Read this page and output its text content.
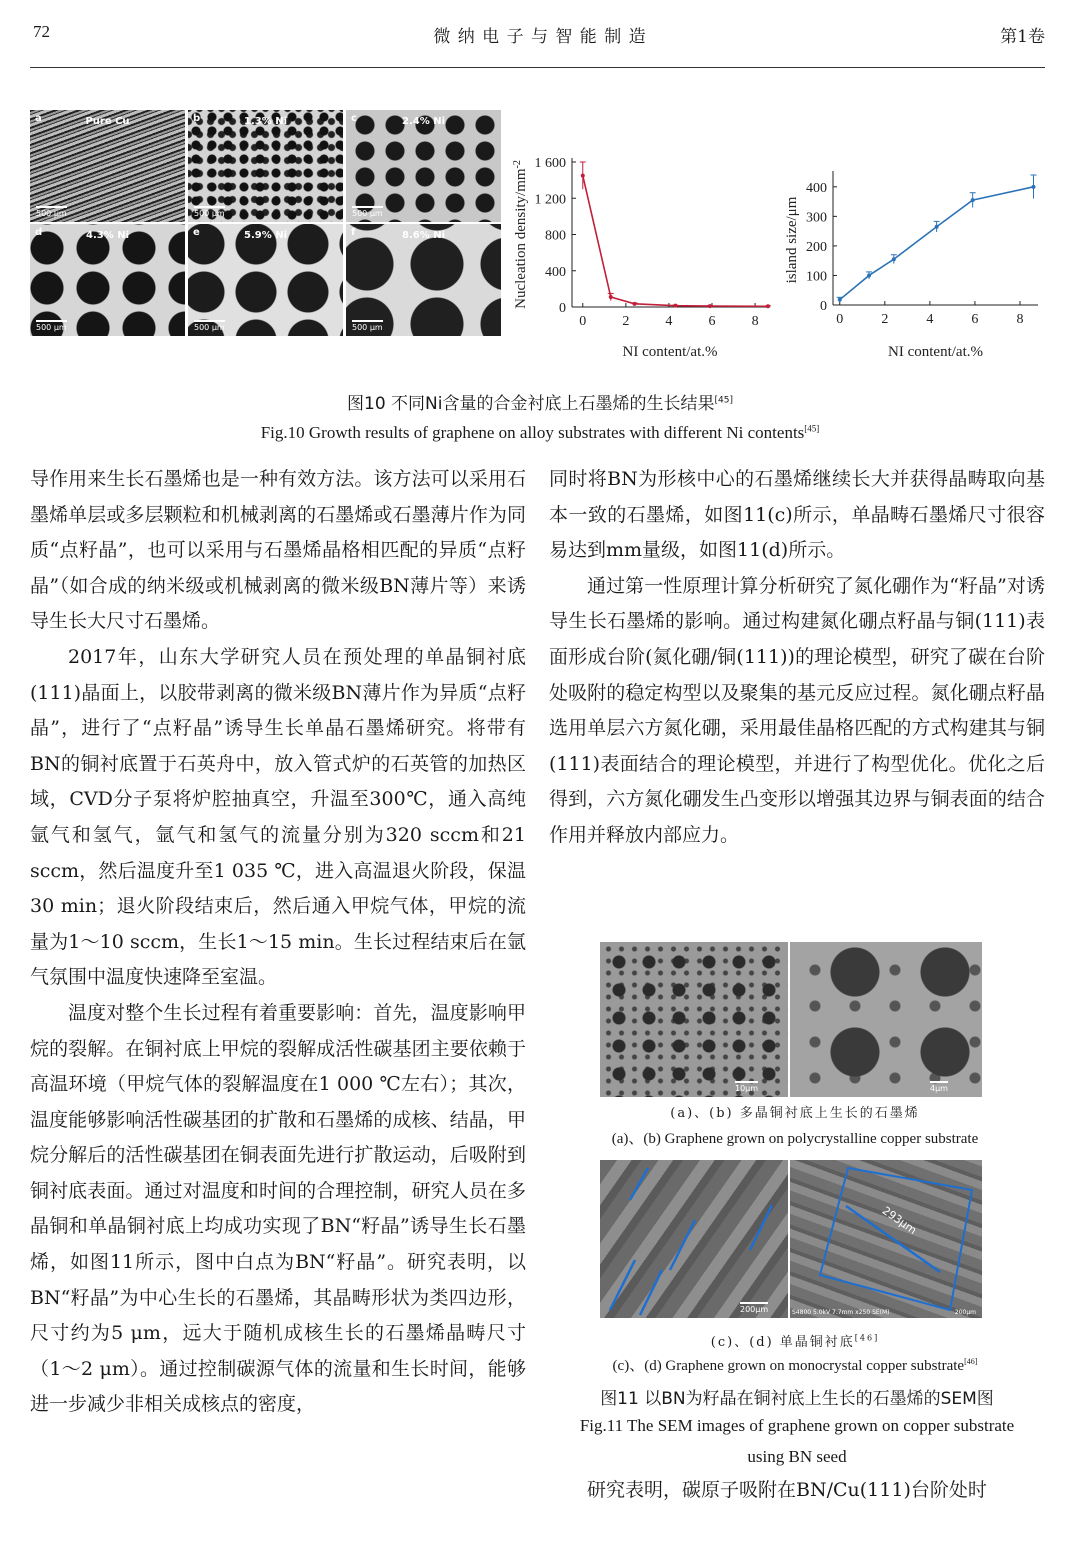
72	微 纳 电 子 与 智 能 制 造	第1卷
a	Pure Cu
500 μm
b	1.3% Ni
500 μm
c	2.4% Ni
500 μm
d	4.3% Ni
500 μm
e	5.9% Ni
500 μm
f	8.6% Ni
500 μm	0	2	4	6	8
0
400
800
1 200
1 600
NI content/at.%
Nucleation density/$mm^{-2}$
0	2	4	6	8
0
100
200
300
400
NI content/at.%
island size/μm
图10 不同Ni含量的合金衬底上石墨烯的生长结果[45]
Fig.10 Growth results of graphene on alloy substrates with different Ni contents[45]

导作用来生长石墨烯也是一种有效方法。该方法可以采用石墨烯单层或多层颗粒和机械剥离的石墨烯或石墨薄片作为同质“点籽晶”，也可以采用与石墨烯晶格相匹配的异质“点籽晶”（如合成的纳米级或机械剥离的微米级BN薄片等）来诱导生长大尺寸石墨烯。

2017年，山东大学研究人员在预处理的单晶铜衬底(111)晶面上，以胶带剥离的微米级BN薄片作为异质“点籽晶”，进行了“点籽晶”诱导生长单晶石墨烯研究。将带有BN的铜衬底置于石英舟中，放入管式炉的石英管的加热区域，CVD分子泵将炉腔抽真空，升温至300℃，通入高纯氩气和氢气，氩气和氢气的流量分别为320 sccm和21 sccm，然后温度升至1 035 ℃，进入高温退火阶段，保温30 min；退火阶段结束后，然后通入甲烷气体，甲烷的流量为1～10 sccm，生长1～15 min。生长过程结束后在氩气氛围中温度快速降至室温。

温度对整个生长过程有着重要影响：首先，温度影响甲烷的裂解。在铜衬底上甲烷的裂解成活性碳基团主要依赖于高温环境（甲烷气体的裂解温度在1 000 ℃左右）；其次，温度能够影响活性碳基团的扩散和石墨烯的成核、结晶，甲烷分解后的活性碳基团在铜表面先进行扩散运动，后吸附到铜衬底表面。通过对温度和时间的合理控制，研究人员在多晶铜和单晶铜衬底上均成功实现了BN“籽晶”诱导生长石墨烯，如图11所示，图中白点为BN“籽晶”。研究表明，以BN“籽晶”为中心生长的石墨烯，其晶畴形状为类四边形，尺寸约为5 μm，远大于随机成核生长的石墨烯晶畴尺寸（1～2 μm）。通过控制碳源气体的流量和生长时间，能够进一步减少非相关成核点的密度，

同时将BN为形核中心的石墨烯继续长大并获得晶畴取向基本一致的石墨烯，如图11(c)所示，单晶畴石墨烯尺寸很容易达到mm量级，如图11(d)所示。

通过第一性原理计算分析研究了氮化硼作为“籽晶”对诱导生长石墨烯的影响。通过构建氮化硼点籽晶与铜(111)表面形成台阶(氮化硼/铜(111))的理论模型，研究了碳在台阶处吸附的稳定构型以及聚集的基元反应过程。氮化硼点籽晶选用单层六方氮化硼，采用最佳晶格匹配的方式构建其与铜(111)表面结合的理论模型，并进行了构型优化。优化之后得到，六方氮化硼发生凸变形以增强其边界与铜表面的结合作用并释放内部应力。

10μm	4μm
(a)、(b) 多晶铜衬底上生长的石墨烯
(a)、(b) Graphene grown on polycrystalline copper substrate
200μm
293μm
S4800 5.0kV 7.7mm x250 SE(M)	200μm
(c)、(d) 单晶铜衬底[46]
(c)、(d) Graphene grown on monocrystal copper substrate[46]
图11 以BN为籽晶在铜衬底上生长的石墨烯的SEM图
Fig.11 The SEM images of graphene grown on copper substrate
using BN seed
研究表明，碳原子吸附在BN/Cu(111)台阶处时
